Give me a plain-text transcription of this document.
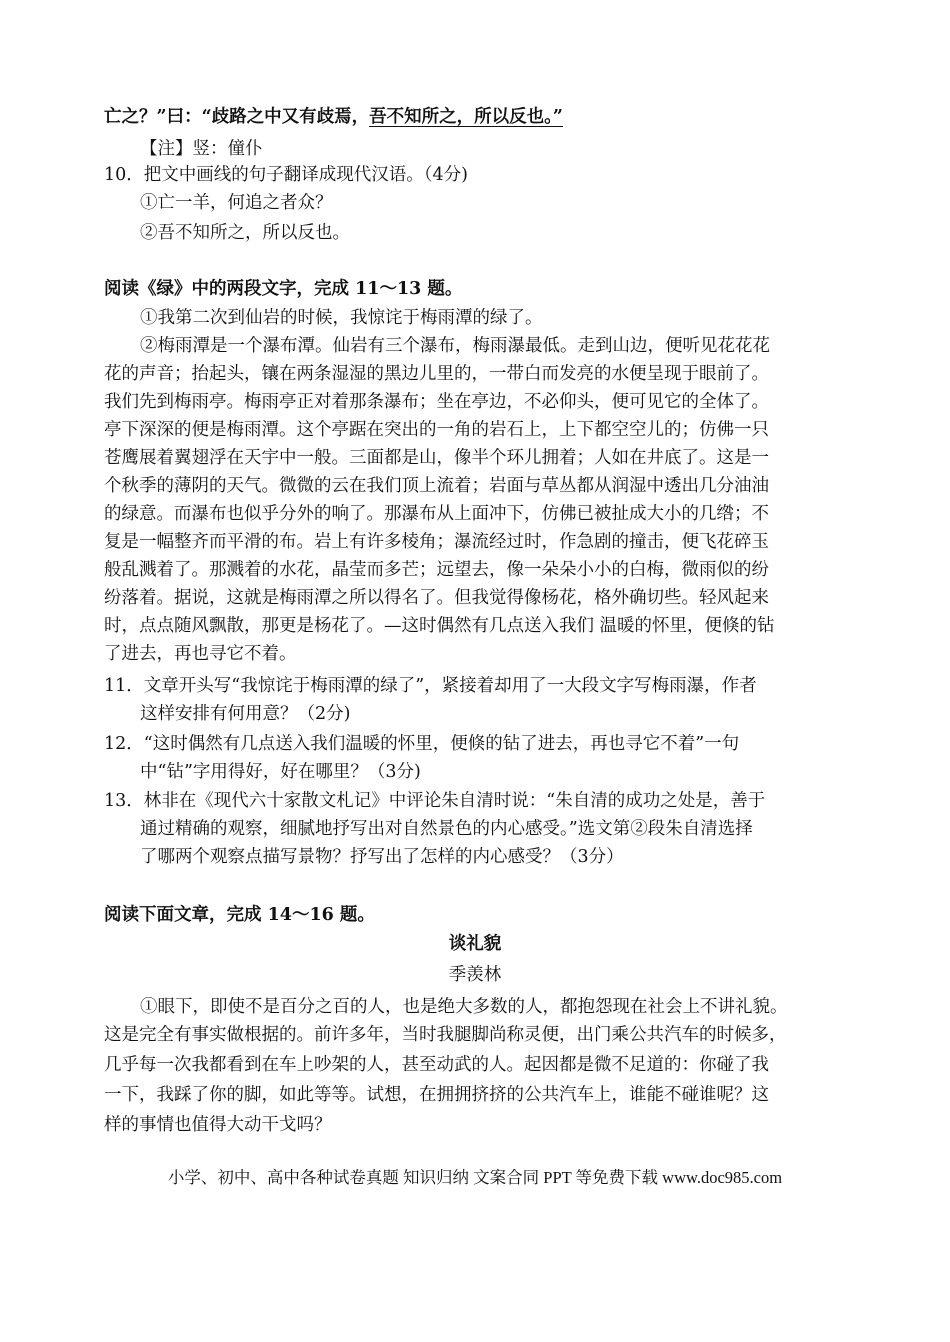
亡之？”曰：“歧路之中又有歧焉，吾不知所之，所以反也。”
【注】竖：僮仆
10．把文中画线的句子翻译成现代汉语。（4分)
①亡一羊，何追之者众？
②吾不知所之，所以反也。
阅读《绿》中的两段文字，完成 11～13 题。
①我第二次到仙岩的时候，我惊诧于梅雨潭的绿了。
②梅雨潭是一个瀑布潭。仙岩有三个瀑布，梅雨瀑最低。走到山边，便听见花花花
花的声音；抬起头，镶在两条湿湿的黑边儿里的，一带白而发亮的水便呈现于眼前了。
我们先到梅雨亭。梅雨亭正对着那条瀑布；坐在亭边，不必仰头，便可见它的全体了。
亭下深深的便是梅雨潭。这个亭踞在突出的一角的岩石上，上下都空空儿的；仿佛一只
苍鹰展着翼翅浮在天宇中一般。三面都是山，像半个环儿拥着；人如在井底了。这是一
个秋季的薄阴的天气。微微的云在我们顶上流着；岩面与草丛都从润湿中透出几分油油
的绿意。而瀑布也似乎分外的响了。那瀑布从上面冲下，仿佛已被扯成大小的几绺；不
复是一幅整齐而平滑的布。岩上有许多棱角；瀑流经过时，作急剧的撞击，便飞花碎玉
般乱溅着了。那溅着的水花，晶莹而多芒；远望去，像一朵朵小小的白梅，微雨似的纷
纷落着。据说，这就是梅雨潭之所以得名了。但我觉得像杨花，格外确切些。轻风起来
时，点点随风飘散，那更是杨花了。—这时偶然有几点送入我们 温暖的怀里，便倏的钻
了进去，再也寻它不着。
11．文章开头写“我惊诧于梅雨潭的绿了”，紧接着却用了一大段文字写梅雨瀑，作者
这样安排有何用意？（2分)
12．“这时偶然有几点送入我们温暖的怀里，便倏的钻了进去，再也寻它不着”一句
中“钻”字用得好，好在哪里？（3分)
13．林非在《现代六十家散文札记》中评论朱自清时说：“朱自清的成功之处是，善于
通过精确的观察，细腻地抒写出对自然景色的内心感受。”选文第②段朱自清选择
了哪两个观察点描写景物？抒写出了怎样的内心感受？（3分）
阅读下面文章，完成 14～16 题。
谈礼貌
季羡林
①眼下，即使不是百分之百的人，也是绝大多数的人，都抱怨现在社会上不讲礼貌。
这是完全有事实做根据的。前许多年，当时我腿脚尚称灵便，出门乘公共汽车的时候多，
几乎每一次我都看到在车上吵架的人，甚至动武的人。起因都是微不足道的：你碰了我
一下，我踩了你的脚，如此等等。试想，在拥拥挤挤的公共汽车上，谁能不碰谁呢？这
样的事情也值得大动干戈吗？
小学、初中、高中各种试卷真题 知识归纳 文案合同 PPT 等免费下载 www.doc985.com
